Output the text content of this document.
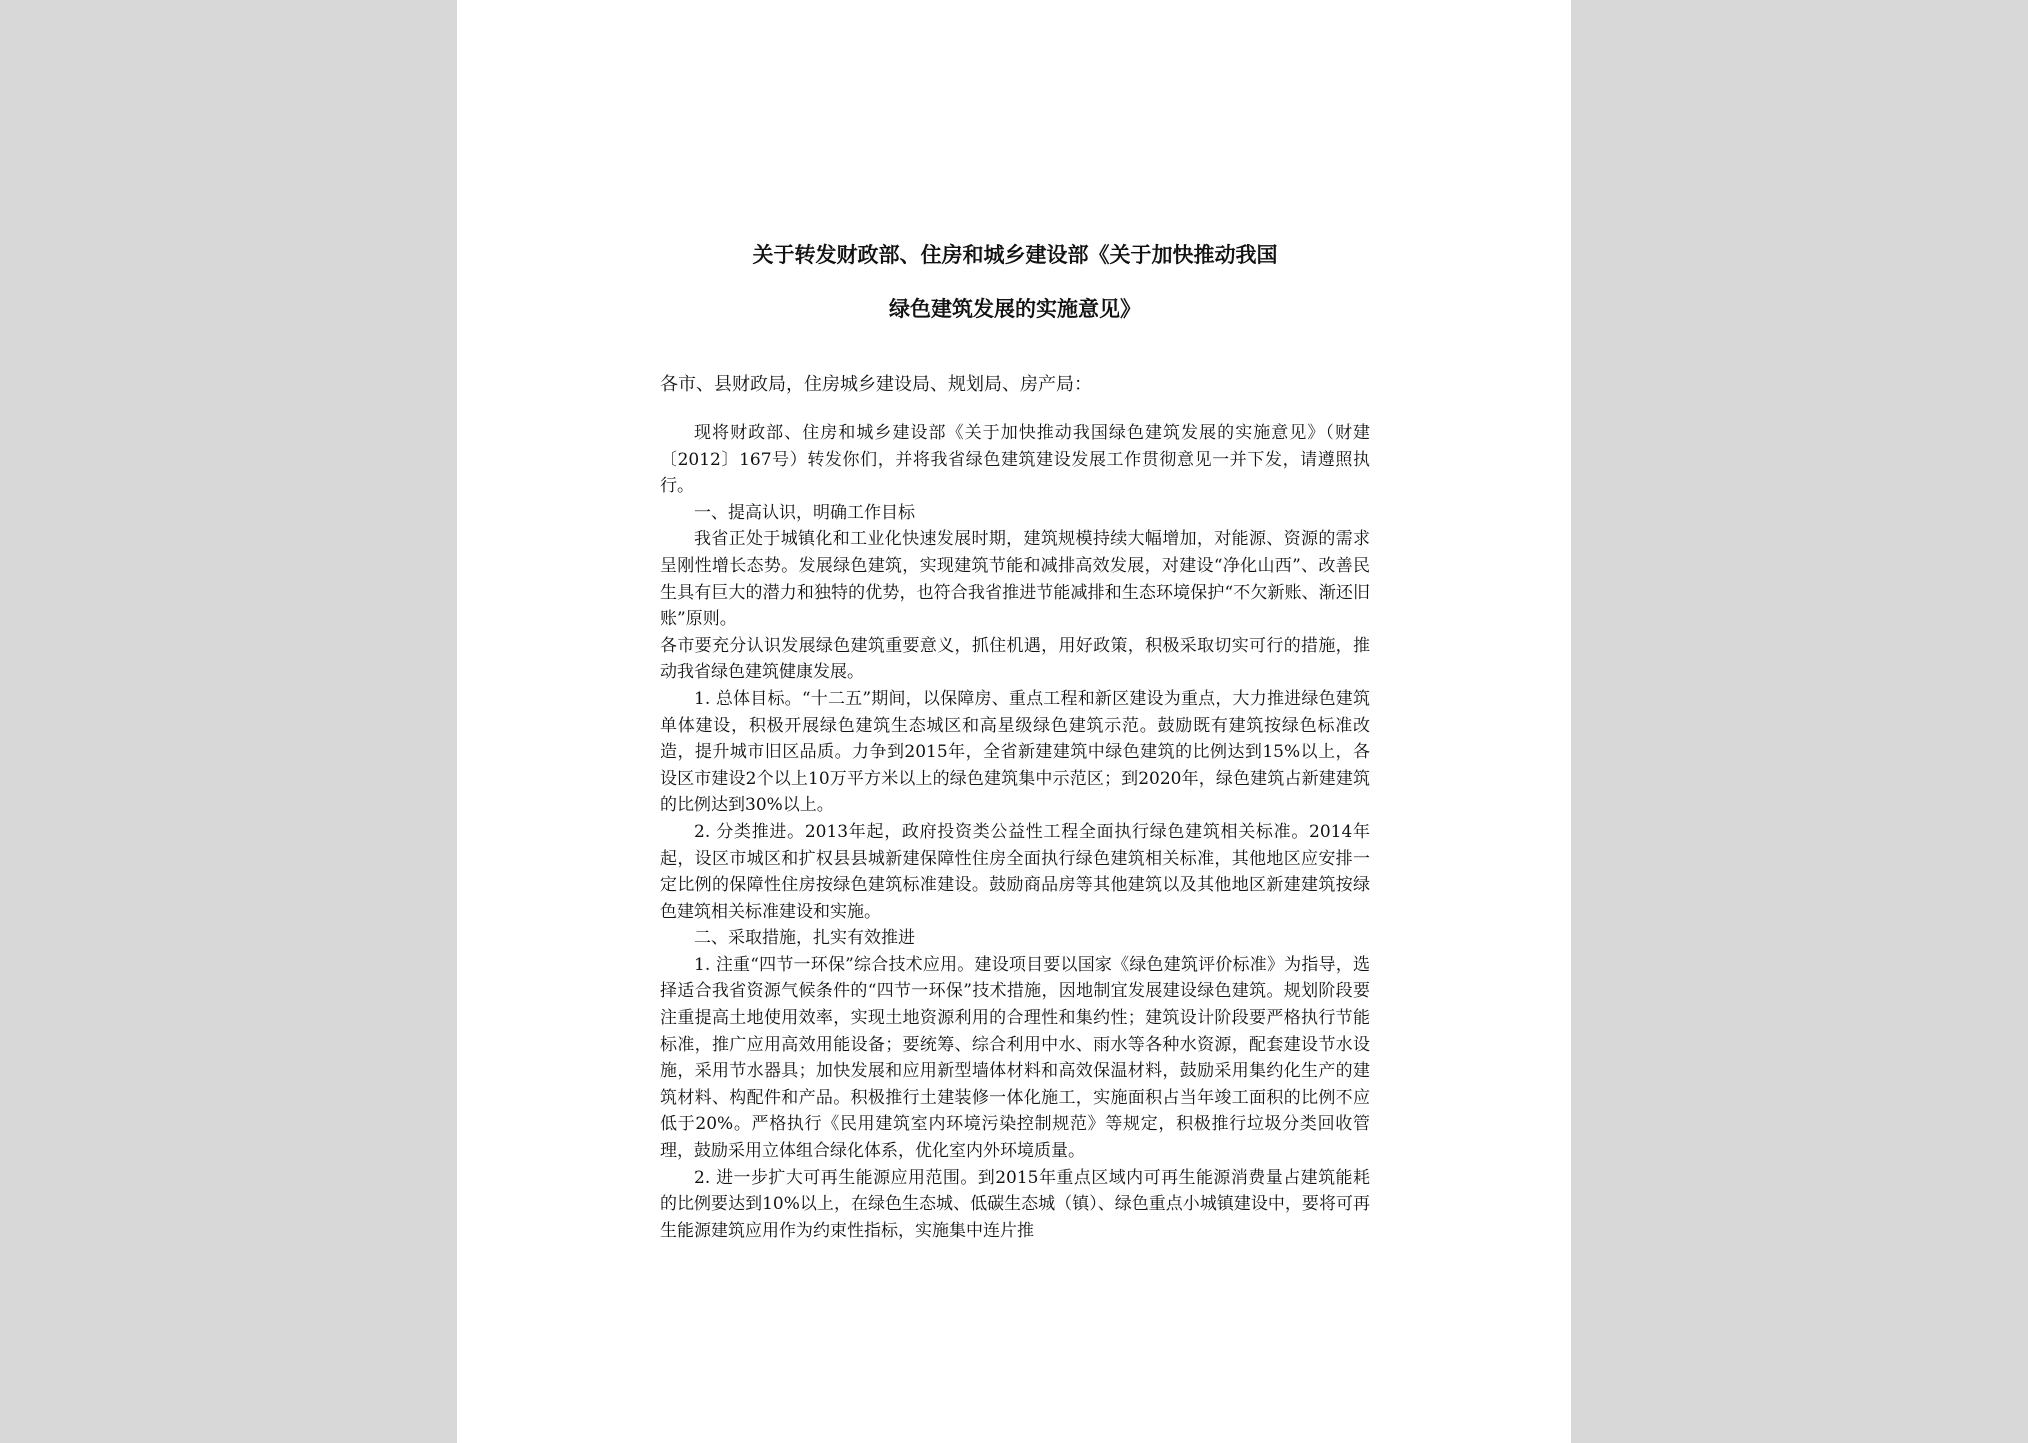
关于转发财政部、住房和城乡建设部《关于加快推动我国
绿色建筑发展的实施意见》

各市、县财政局，住房城乡建设局、规划局、房产局：

现将财政部、住房和城乡建设部《关于加快推动我国绿色建筑发展的实施意见》（财建〔2012〕167号）转发你们，并将我省绿色建筑建设发展工作贯彻意见一并下发，请遵照执行。

一、提高认识，明确工作目标

我省正处于城镇化和工业化快速发展时期，建筑规模持续大幅增加，对能源、资源的需求呈刚性增长态势。发展绿色建筑，实现建筑节能和减排高效发展，对建设“净化山西”、改善民生具有巨大的潜力和独特的优势，也符合我省推进节能减排和生态环境保护“不欠新账、渐还旧账”原则。

各市要充分认识发展绿色建筑重要意义，抓住机遇，用好政策，积极采取切实可行的措施，推动我省绿色建筑健康发展。

1. 总体目标。“十二五”期间，以保障房、重点工程和新区建设为重点，大力推进绿色建筑单体建设，积极开展绿色建筑生态城区和高星级绿色建筑示范。鼓励既有建筑按绿色标准改造，提升城市旧区品质。力争到2015年，全省新建建筑中绿色建筑的比例达到15%以上，各设区市建设2个以上10万平方米以上的绿色建筑集中示范区；到2020年，绿色建筑占新建建筑的比例达到30%以上。

2. 分类推进。2013年起，政府投资类公益性工程全面执行绿色建筑相关标准。2014年起，设区市城区和扩权县县城新建保障性住房全面执行绿色建筑相关标准，其他地区应安排一定比例的保障性住房按绿色建筑标准建设。鼓励商品房等其他建筑以及其他地区新建建筑按绿色建筑相关标准建设和实施。

二、采取措施，扎实有效推进

1. 注重“四节一环保”综合技术应用。建设项目要以国家《绿色建筑评价标准》为指导，选择适合我省资源气候条件的“四节一环保”技术措施，因地制宜发展建设绿色建筑。规划阶段要注重提高土地使用效率，实现土地资源利用的合理性和集约性；建筑设计阶段要严格执行节能标准，推广应用高效用能设备；要统筹、综合利用中水、雨水等各种水资源，配套建设节水设施，采用节水器具；加快发展和应用新型墙体材料和高效保温材料，鼓励采用集约化生产的建筑材料、构配件和产品。积极推行土建装修一体化施工，实施面积占当年竣工面积的比例不应低于20%。严格执行《民用建筑室内环境污染控制规范》等规定，积极推行垃圾分类回收管理，鼓励采用立体组合绿化体系，优化室内外环境质量。

2. 进一步扩大可再生能源应用范围。到2015年重点区域内可再生能源消费量占建筑能耗的比例要达到10%以上，在绿色生态城、低碳生态城（镇）、绿色重点小城镇建设中，要将可再生能源建筑应用作为约束性指标，实施集中连片推
